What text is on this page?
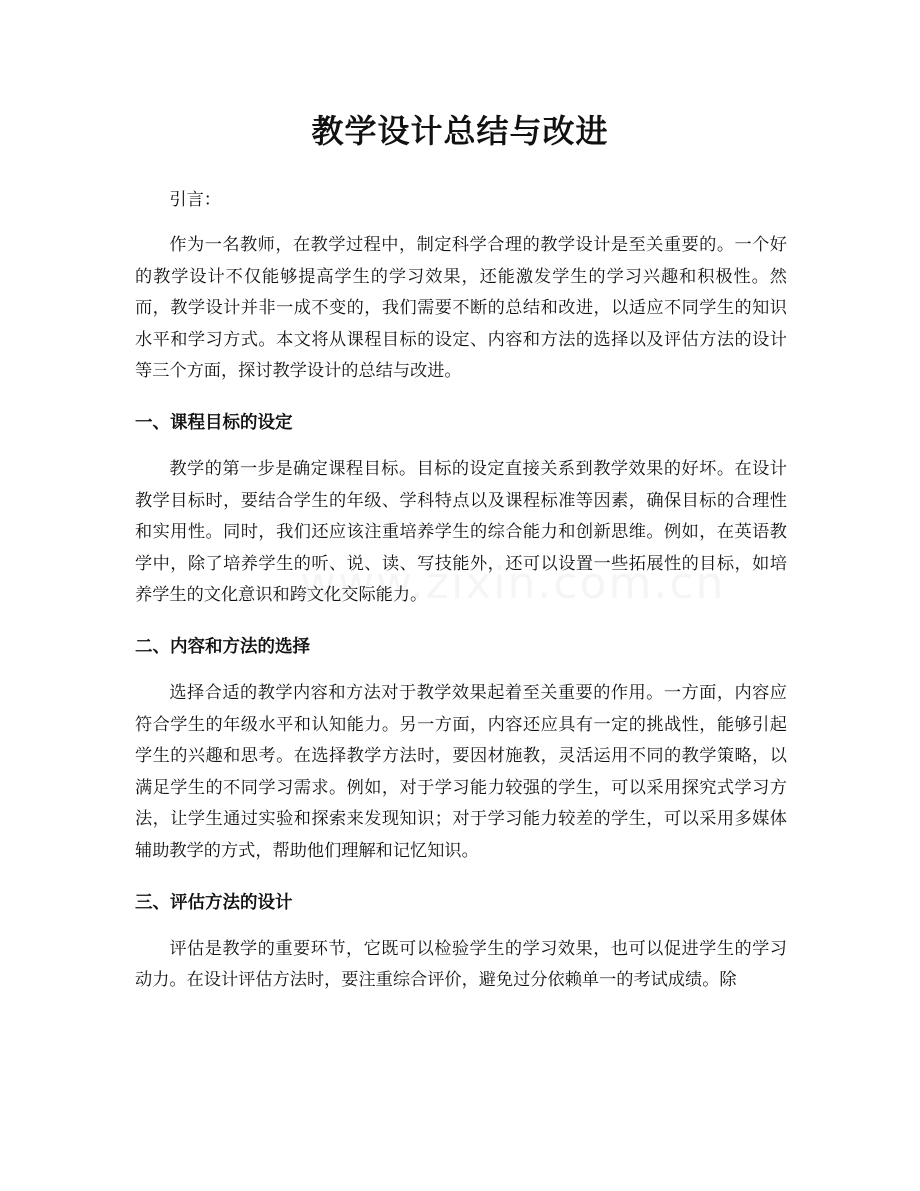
教学设计总结与改进

引言：

作为一名教师，在教学过程中，制定科学合理的教学设计是至关重要的。一个好的教学设计不仅能够提高学生的学习效果，还能激发学生的学习兴趣和积极性。然而，教学设计并非一成不变的，我们需要不断的总结和改进，以适应不同学生的知识水平和学习方式。本文将从课程目标的设定、内容和方法的选择以及评估方法的设计等三个方面，探讨教学设计的总结与改进。

一、课程目标的设定

教学的第一步是确定课程目标。目标的设定直接关系到教学效果的好坏。在设计教学目标时，要结合学生的年级、学科特点以及课程标准等因素，确保目标的合理性和实用性。同时，我们还应该注重培养学生的综合能力和创新思维。例如，在英语教学中，除了培养学生的听、说、读、写技能外，还可以设置一些拓展性的目标，如培养学生的文化意识和跨文化交际能力。

二、内容和方法的选择

选择合适的教学内容和方法对于教学效果起着至关重要的作用。一方面，内容应符合学生的年级水平和认知能力。另一方面，内容还应具有一定的挑战性，能够引起学生的兴趣和思考。在选择教学方法时，要因材施教，灵活运用不同的教学策略，以满足学生的不同学习需求。例如，对于学习能力较强的学生，可以采用探究式学习方法，让学生通过实验和探索来发现知识；对于学习能力较差的学生，可以采用多媒体辅助教学的方式，帮助他们理解和记忆知识。

三、评估方法的设计

评估是教学的重要环节，它既可以检验学生的学习效果，也可以促进学生的学习动力。在设计评估方法时，要注重综合评价，避免过分依赖单一的考试成绩。除
